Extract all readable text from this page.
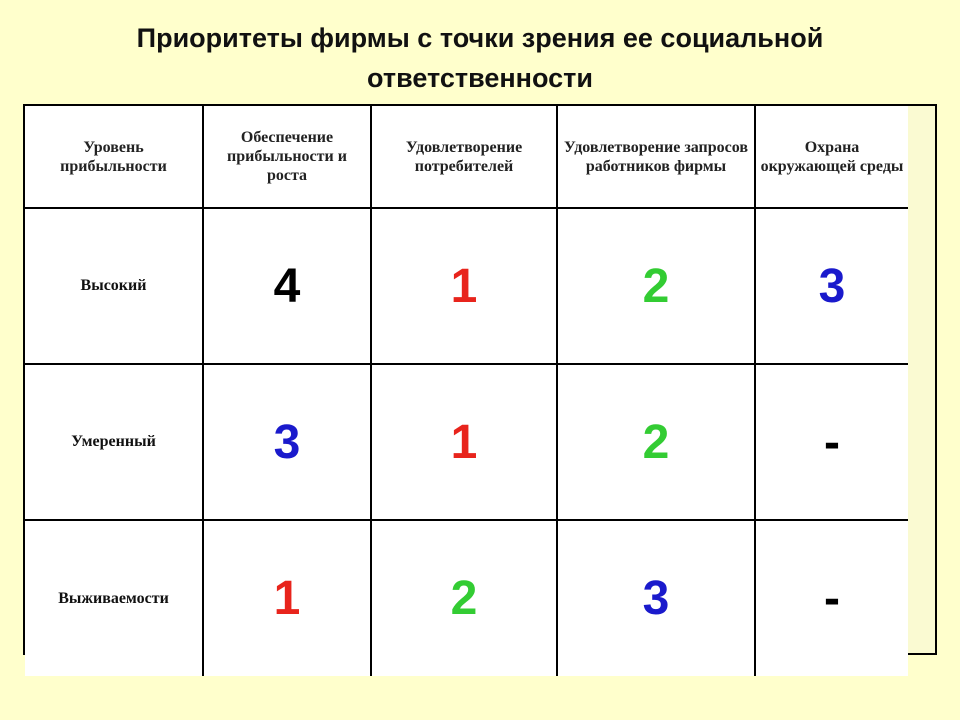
Приоритеты фирмы с точки зрения ее социальной
ответственности
Уровень прибыльности	Обеспечение прибыльности и роста	Удовлетворение потребителей	Удовлетворение запросов работников фирмы	Охрана окружающей среды
Высокий	4	1	2	3
Умеренный	3	1	2	-
Выживаемости	1	2	3	-
